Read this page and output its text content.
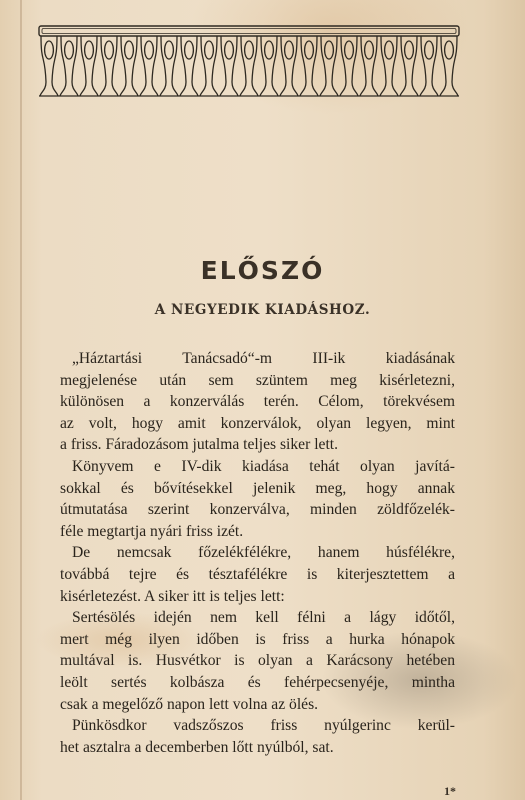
ELŐSZÓ
A NEGYEDIK KIADÁSHOZ.
„Háztartási Tanácsadó“-m III-ik kiadásának
megjelenése után sem szüntem meg kisérletezni,
különösen a konzerválás terén. Célom, törekvésem
az volt, hogy amit konzerválok, olyan legyen, mint
a friss. Fáradozásom jutalma teljes siker lett.
Könyvem e IV-dik kiadása tehát olyan javítá-
sokkal és bővítésekkel jelenik meg, hogy annak
útmutatása szerint konzerválva, minden zöldfőzelék-
féle megtartja nyári friss izét.
De nemcsak főzelékfélékre, hanem húsfélékre,
továbbá tejre és tésztafélékre is kiterjesztettem a
kisérletezést. A siker itt is teljes lett:
Sertésölés idején nem kell félni a lágy időtől,
mert még ilyen időben is friss a hurka hónapok
multával is. Husvétkor is olyan a Karácsony hetében
leölt sertés kolbásza és fehérpecsenyéje, mintha
csak a megelőző napon lett volna az ölés.
Pünkösdkor vadszőszos friss nyúlgerinc kerül-
het asztalra a decemberben lőtt nyúlból, sat.
1*
